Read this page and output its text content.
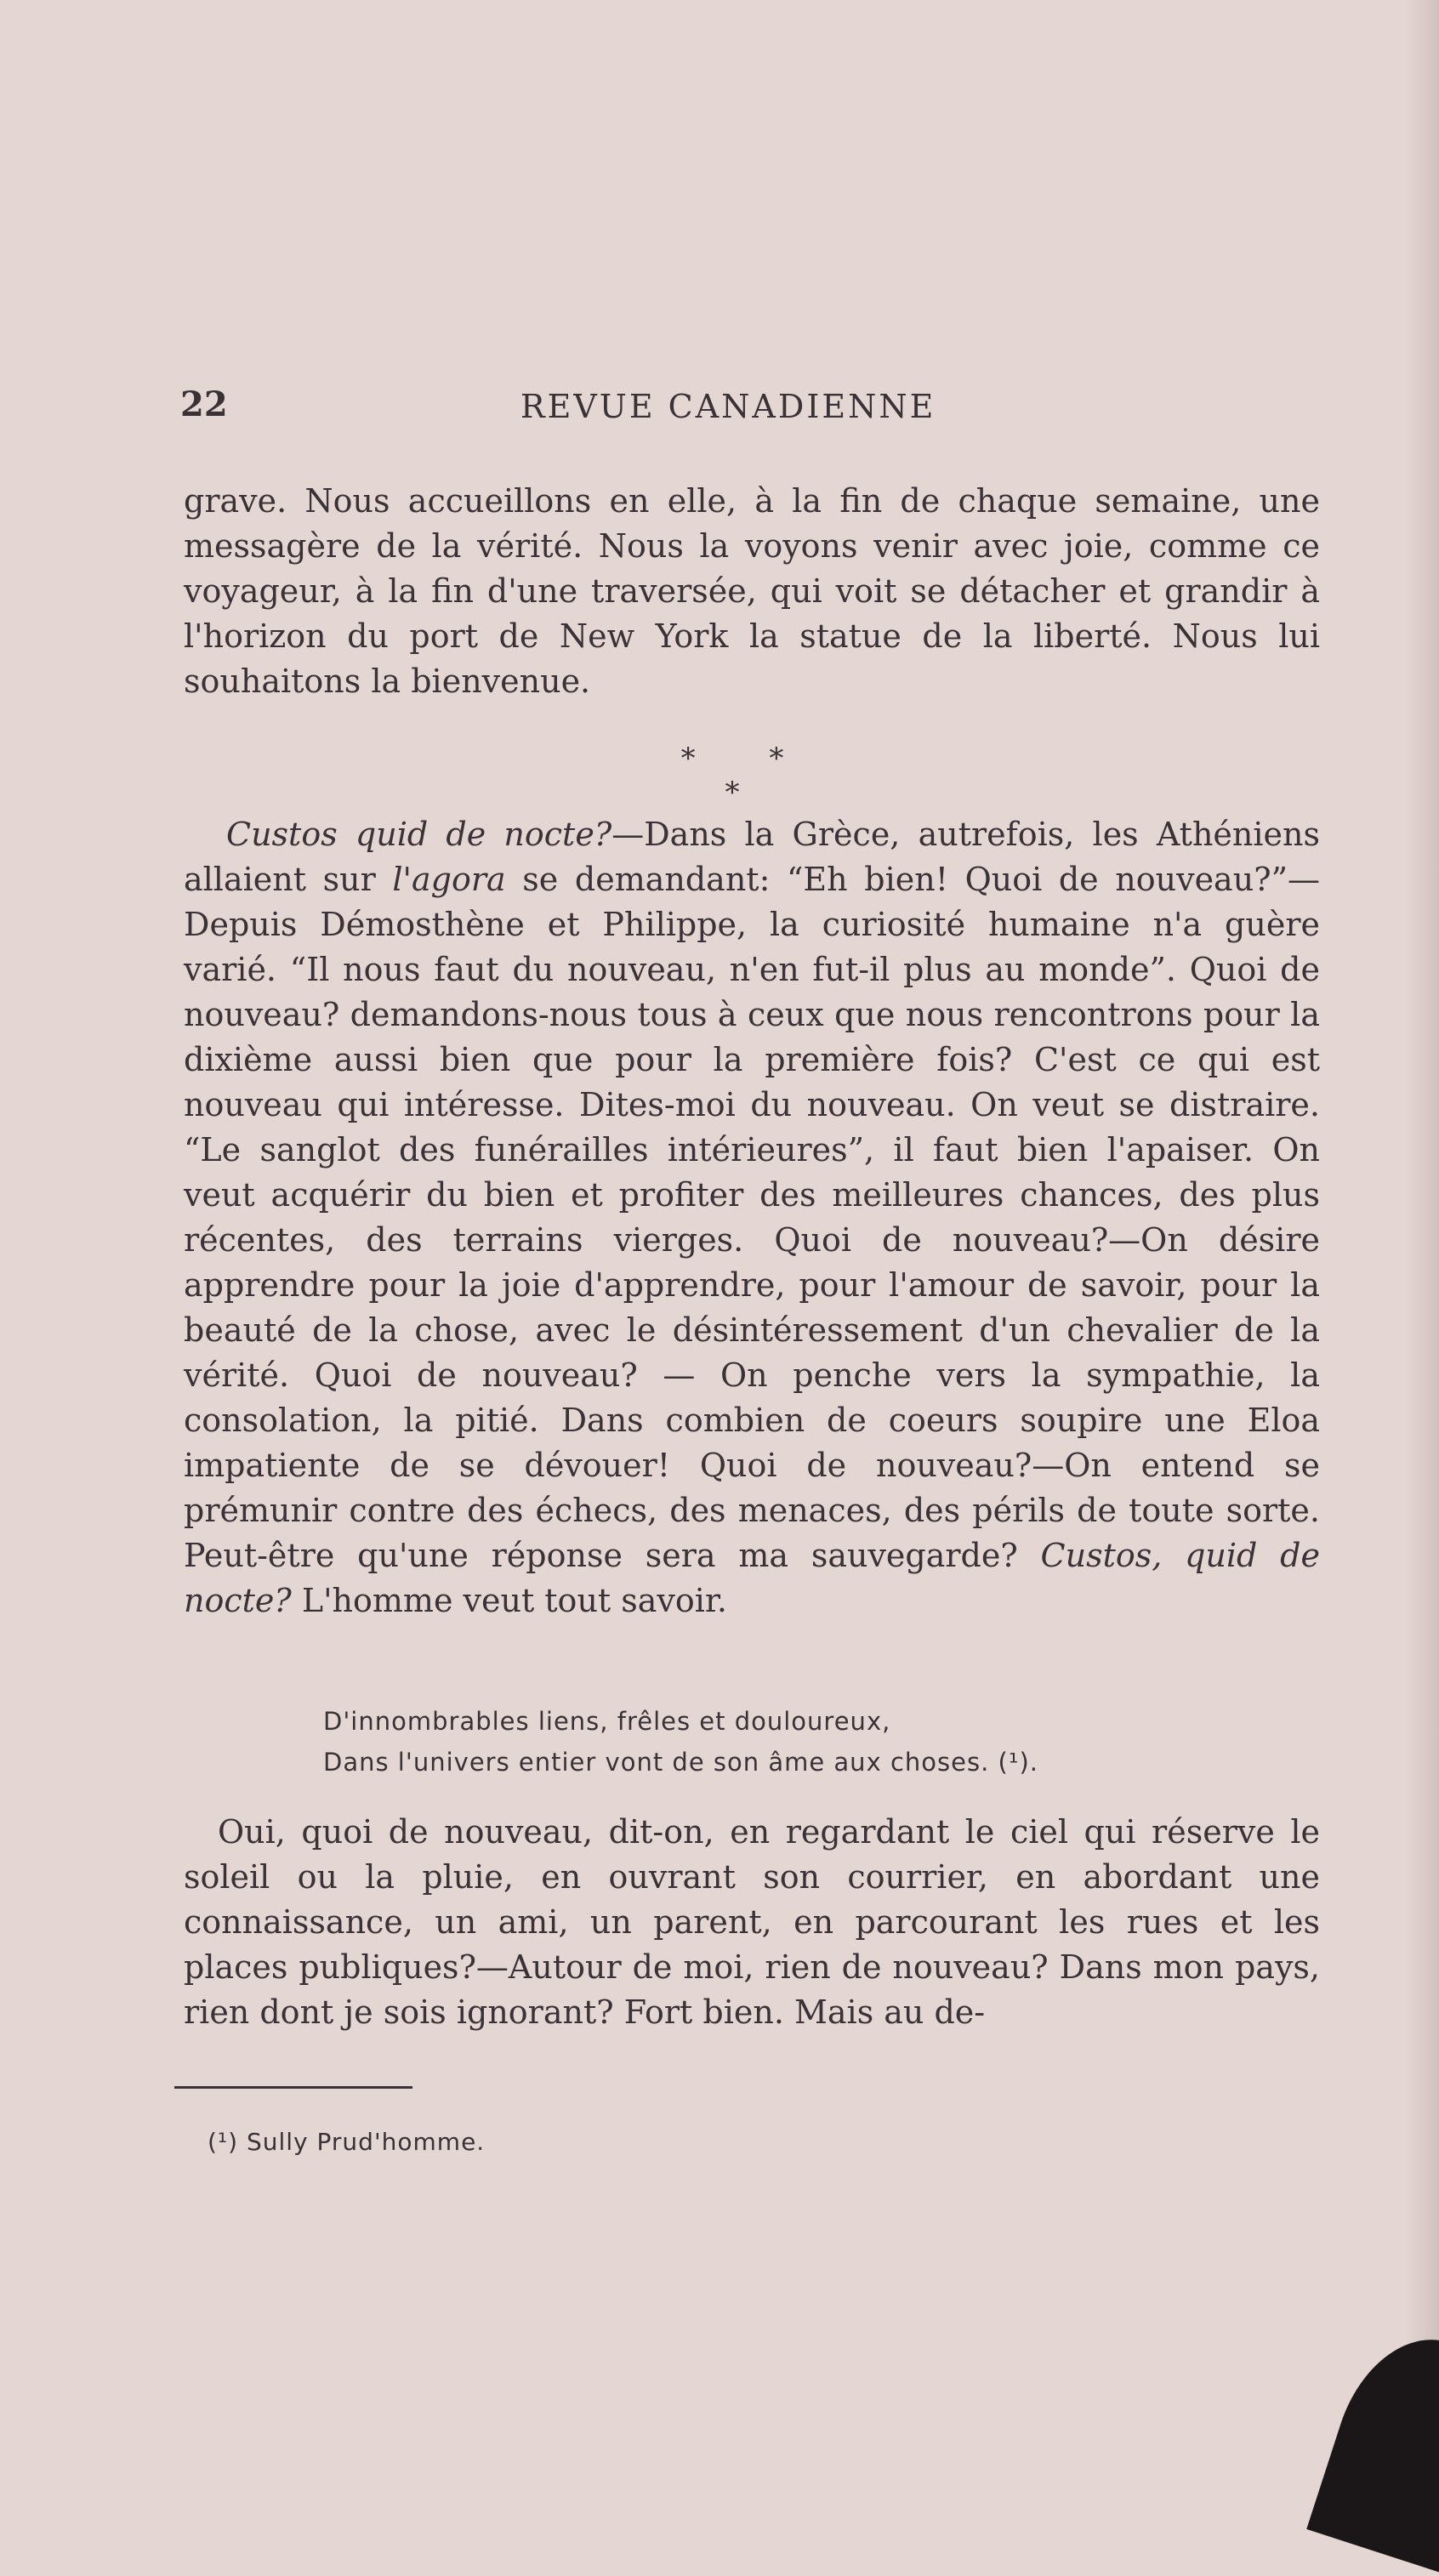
22	REVUE CANADIENNE

grave. Nous accueillons en elle, à la fin de chaque semaine, une messagère de la vérité. Nous la voyons venir avec joie, comme ce voyageur, à la fin d'une traversée, qui voit se détacher et grandir à l'horizon du port de New York la statue de la liberté. Nous lui souhaitons la bienvenue.

* * *

Custos quid de nocte?—Dans la Grèce, autrefois, les Athéniens allaient sur l'agora se demandant: “Eh bien! Quoi de nouveau?”—Depuis Démosthène et Philippe, la curiosité humaine n'a guère varié. “Il nous faut du nouveau, n'en fut-il plus au monde”. Quoi de nouveau? demandons-nous tous à ceux que nous rencontrons pour la dixième aussi bien que pour la première fois? C'est ce qui est nouveau qui intéresse. Dites-moi du nouveau. On veut se distraire. “Le sanglot des funérailles intérieures”, il faut bien l'apaiser. On veut acquérir du bien et profiter des meilleures chances, des plus récentes, des terrains vierges. Quoi de nouveau?—On désire apprendre pour la joie d'apprendre, pour l'amour de savoir, pour la beauté de la chose, avec le désintéressement d'un chevalier de la vérité. Quoi de nouveau? — On penche vers la sympathie, la consolation, la pitié. Dans combien de coeurs soupire une Eloa impatiente de se dévouer! Quoi de nouveau?—On entend se prémunir contre des échecs, des menaces, des périls de toute sorte. Peut-être qu'une réponse sera ma sauvegarde? Custos, quid de nocte? L'homme veut tout savoir.

D'innombrables liens, frêles et douloureux,
Dans l'univers entier vont de son âme aux choses. (¹).

Oui, quoi de nouveau, dit-on, en regardant le ciel qui réserve le soleil ou la pluie, en ouvrant son courrier, en abordant une connaissance, un ami, un parent, en parcourant les rues et les places publiques?—Autour de moi, rien de nouveau? Dans mon pays, rien dont je sois ignorant? Fort bien. Mais au de-

(¹) Sully Prud'homme.
